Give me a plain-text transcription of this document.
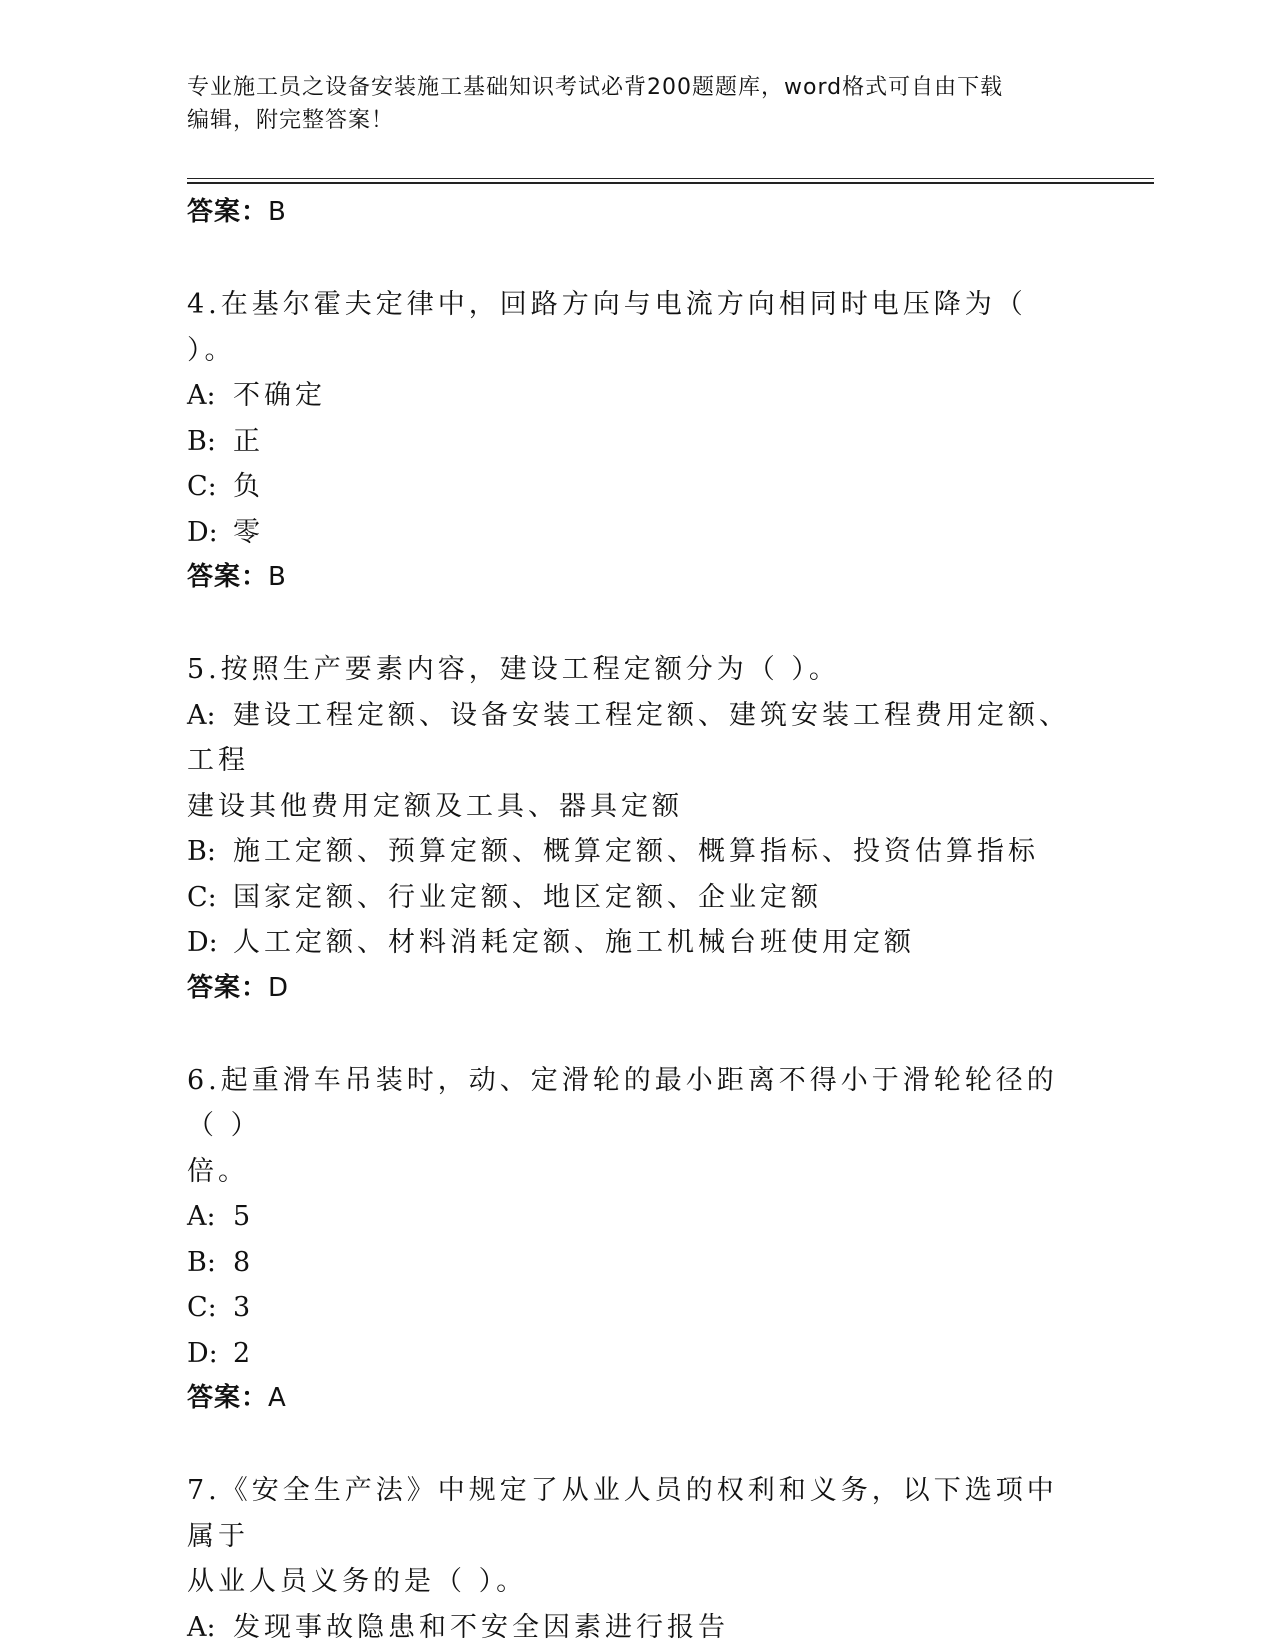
专业施工员之设备安装施工基础知识考试必背200题题库，word格式可自由下载
编辑，附完整答案！
答案：B
4.在基尔霍夫定律中，回路方向与电流方向相同时电压降为（ ）。
A: 不确定
B: 正
C: 负
D: 零
答案：B
5.按照生产要素内容，建设工程定额分为（ ）。
A: 建设工程定额、设备安装工程定额、建筑安装工程费用定额、工程
建设其他费用定额及工具、器具定额
B: 施工定额、预算定额、概算定额、概算指标、投资估算指标
C: 国家定额、行业定额、地区定额、企业定额
D: 人工定额、材料消耗定额、施工机械台班使用定额
答案：D
6.起重滑车吊装时，动、定滑轮的最小距离不得小于滑轮轮径的（ ）
倍。
A: 5
B: 8
C: 3
D: 2
答案：A
7.《安全生产法》中规定了从业人员的权利和义务，以下选项中属于
从业人员义务的是（ ）。
A: 发现事故隐患和不安全因素进行报告
